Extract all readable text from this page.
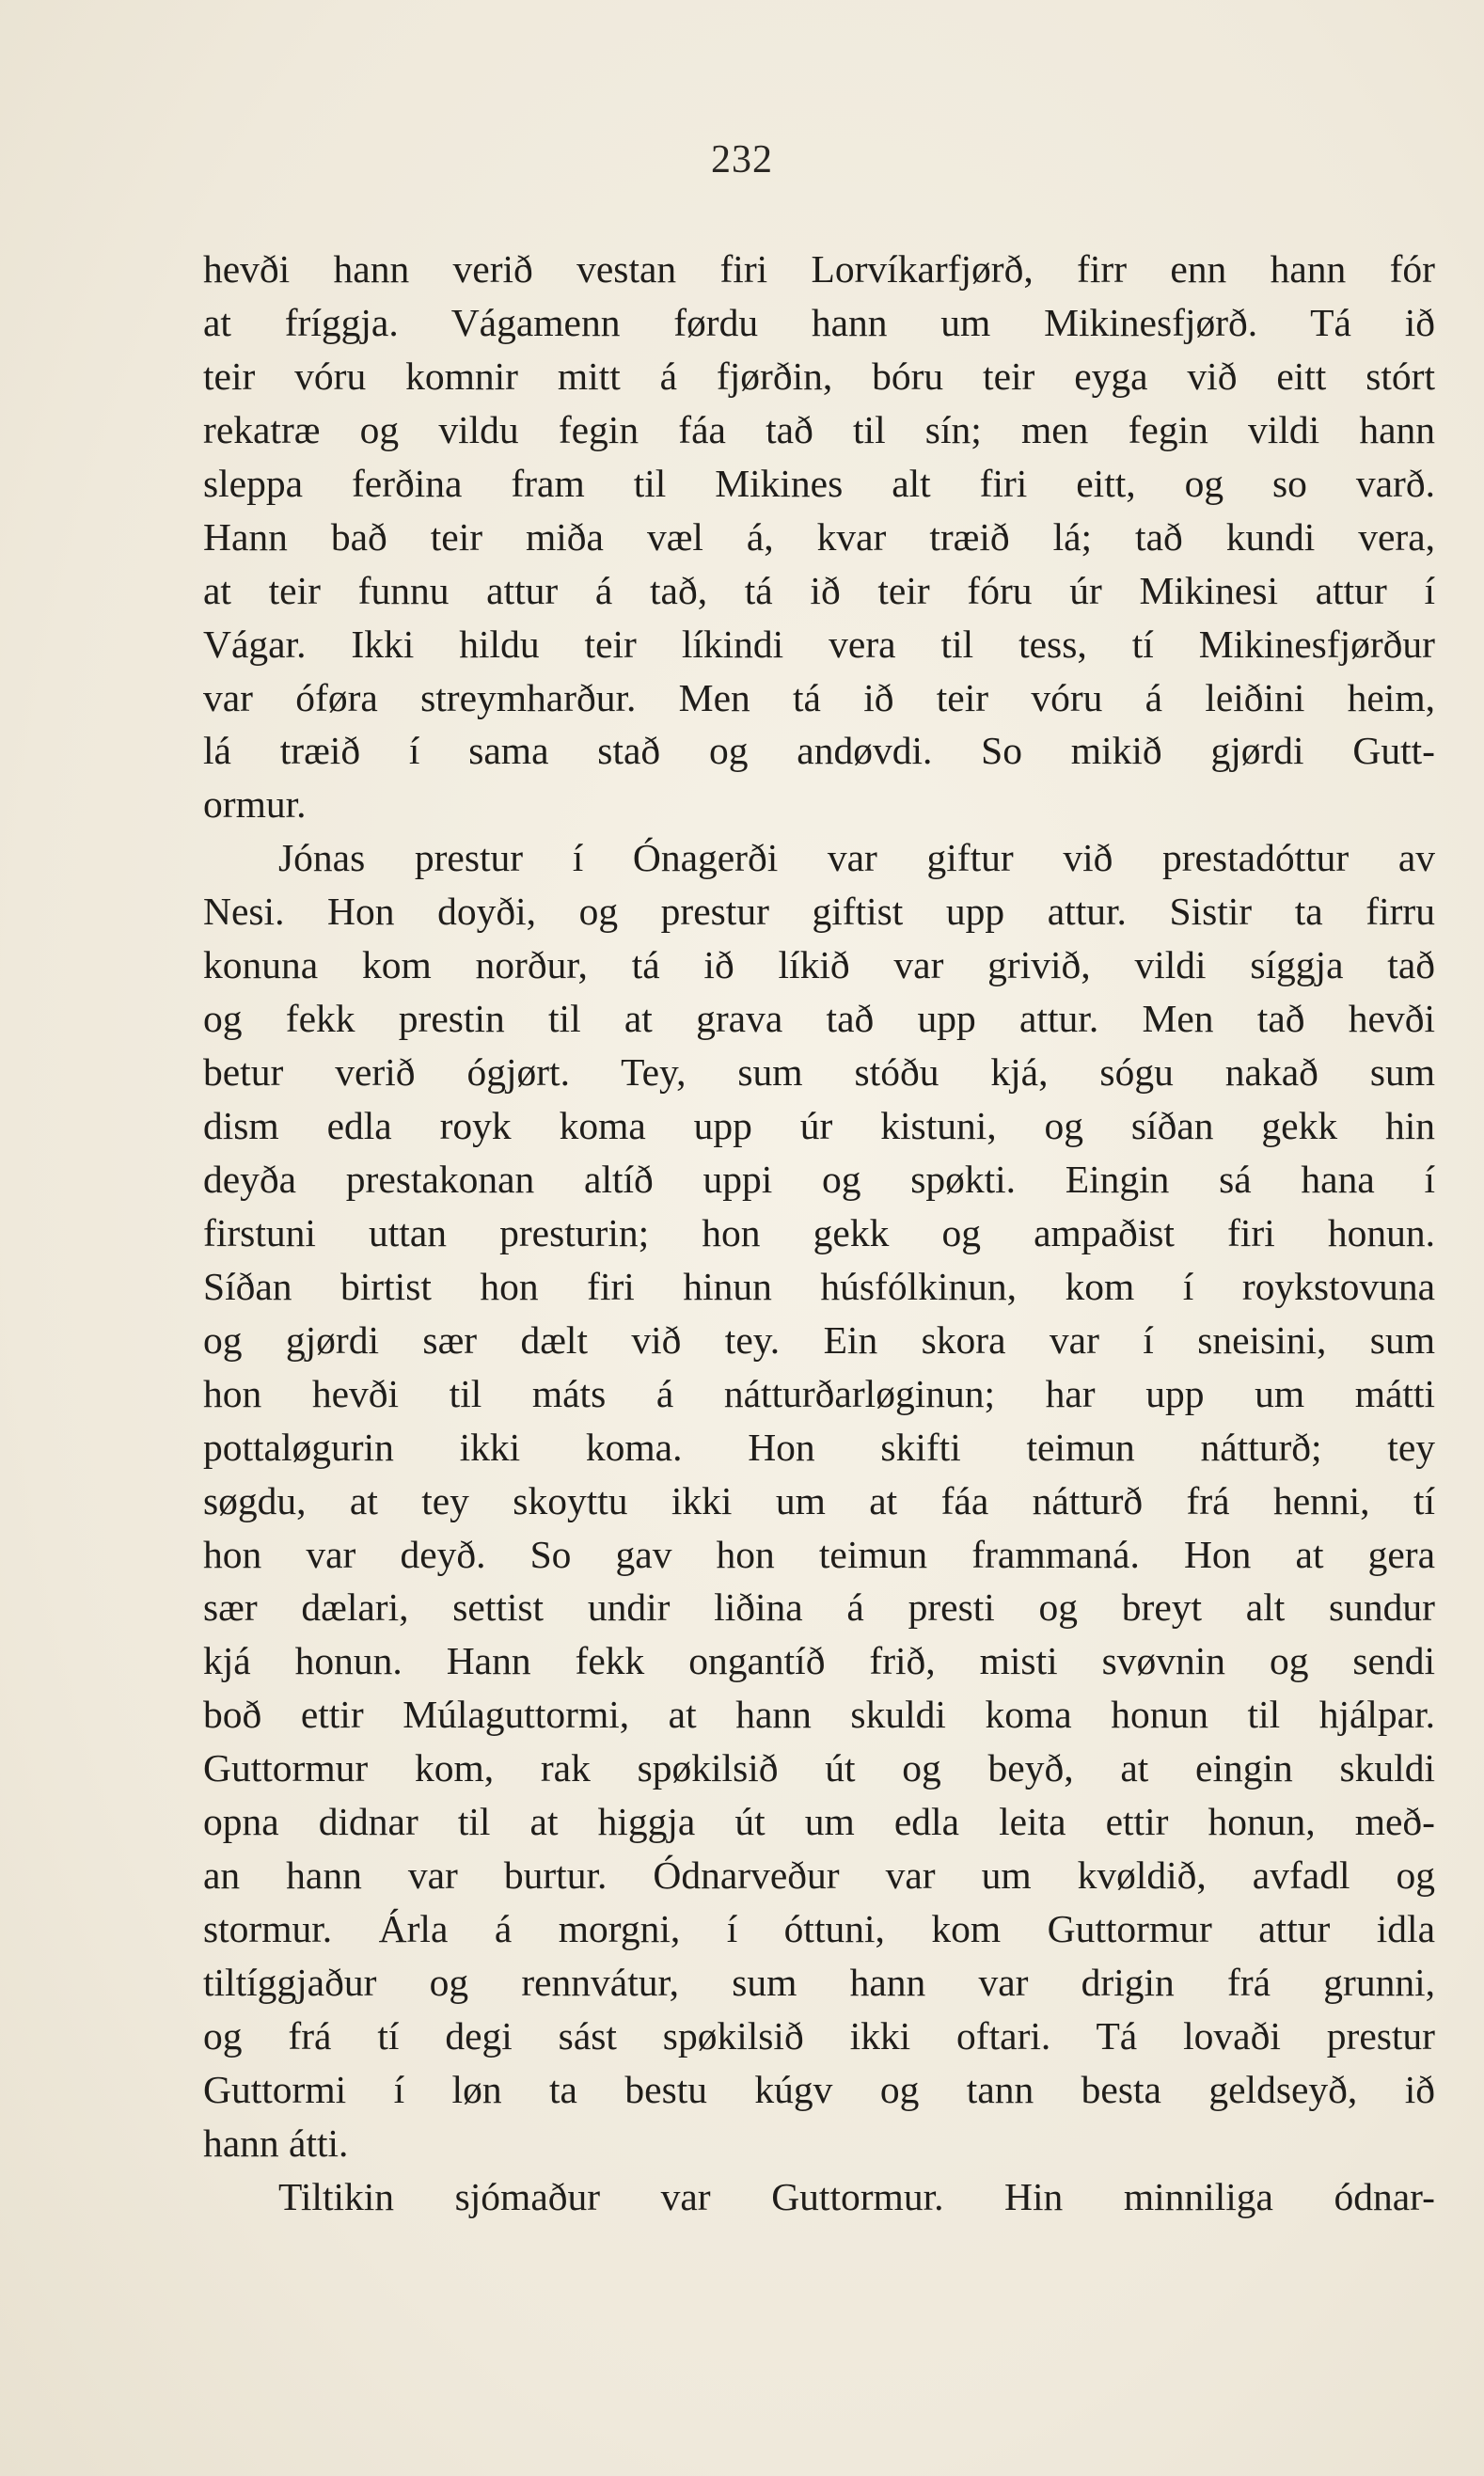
232
hevði hann verið vestan firi Lorvíkarfjørð, firr enn hann fór
at fríggja. Vágamenn førdu hann um Mikinesfjørð. Tá ið
teir vóru komnir mitt á fjørðin, bóru teir eyga við eitt stórt
rekatræ og vildu fegin fáa tað til sín; men fegin vildi hann
sleppa ferðina fram til Mikines alt firi eitt, og so varð.
Hann bað teir miða væl á, kvar træið lá; tað kundi vera,
at teir funnu attur á tað, tá ið teir fóru úr Mikinesi attur í
Vágar. Ikki hildu teir líkindi vera til tess, tí Mikinesfjørður
var óføra streymharður. Men tá ið teir vóru á leiðini heim,
lá træið í sama stað og andøvdi. So mikið gjørdi Gutt-
ormur.
Jónas prestur í Ónagerði var giftur við prestadóttur av
Nesi. Hon doyði, og prestur giftist upp attur. Sistir ta firru
konuna kom norður, tá ið líkið var grivið, vildi síggja tað
og fekk prestin til at grava tað upp attur. Men tað hevði
betur verið ógjørt. Tey, sum stóðu kjá, sógu nakað sum
dism edla royk koma upp úr kistuni, og síðan gekk hin
deyða prestakonan altíð uppi og spøkti. Eingin sá hana í
firstuni uttan presturin; hon gekk og ampaðist firi honun.
Síðan birtist hon firi hinun húsfólkinun, kom í roykstovuna
og gjørdi sær dælt við tey. Ein skora var í sneisini, sum
hon hevði til máts á nátturðarløginun; har upp um mátti
pottaløgurin ikki koma. Hon skifti teimun nátturð; tey
søgdu, at tey skoyttu ikki um at fáa nátturð frá henni, tí
hon var deyð. So gav hon teimun frammaná. Hon at gera
sær dælari, settist undir liðina á presti og breyt alt sundur
kjá honun. Hann fekk ongantíð frið, misti svøvnin og sendi
boð ettir Múlaguttormi, at hann skuldi koma honun til hjálpar.
Guttormur kom, rak spøkilsið út og beyð, at eingin skuldi
opna didnar til at higgja út um edla leita ettir honun, með-
an hann var burtur. Ódnarveður var um kvøldið, avfadl og
stormur. Árla á morgni, í óttuni, kom Guttormur attur idla
tiltíggjaður og rennvátur, sum hann var drigin frá grunni,
og frá tí degi sást spøkilsið ikki oftari. Tá lovaði prestur
Guttormi í løn ta bestu kúgv og tann besta geldseyð, ið
hann átti.
Tiltikin sjómaður var Guttormur. Hin minniliga ódnar-
